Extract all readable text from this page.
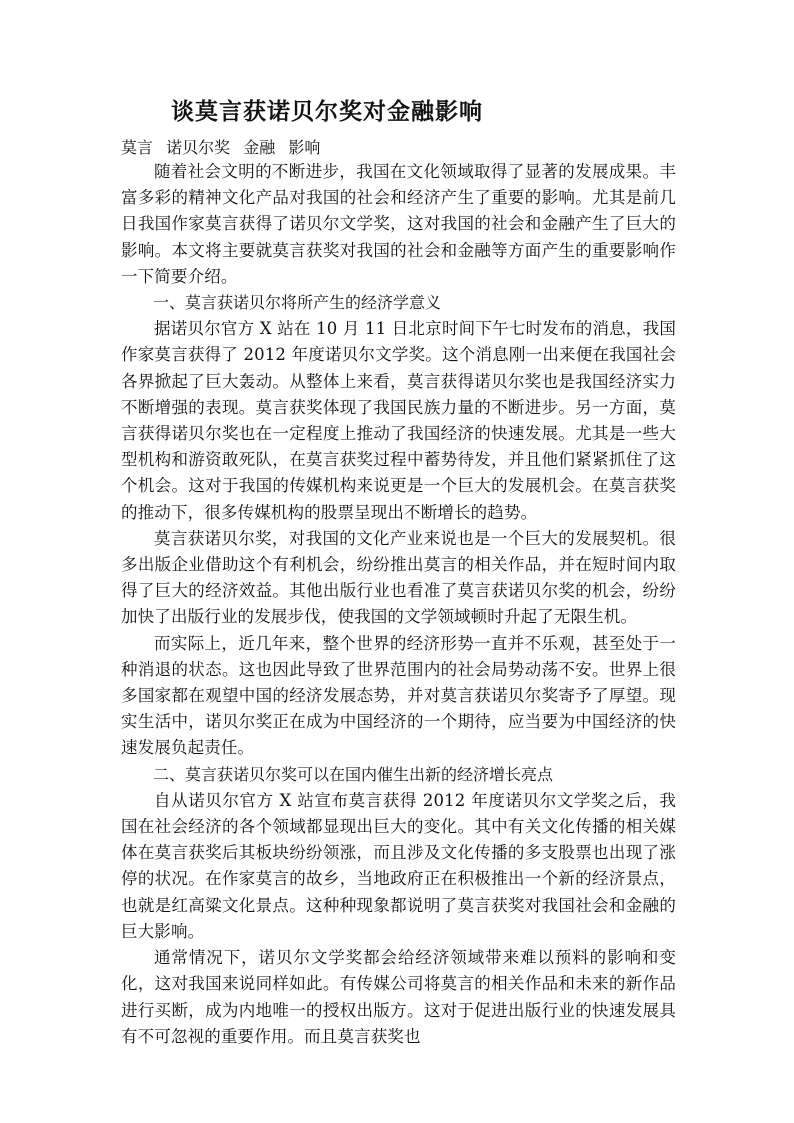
谈莫言获诺贝尔奖对金融影响
莫言 诺贝尔奖 金融 影响

随着社会文明的不断进步，我国在文化领域取得了显著的发展成果。丰富多彩的精神文化产品对我国的社会和经济产生了重要的影响。尤其是前几日我国作家莫言获得了诺贝尔文学奖，这对我国的社会和金融产生了巨大的影响。本文将主要就莫言获奖对我国的社会和金融等方面产生的重要影响作一下简要介绍。

一、莫言获诺贝尔将所产生的经济学意义

据诺贝尔官方 X 站在 10 月 11 日北京时间下午七时发布的消息，我国作家莫言获得了 2012 年度诺贝尔文学奖。这个消息刚一出来便在我国社会各界掀起了巨大轰动。从整体上来看，莫言获得诺贝尔奖也是我国经济实力不断增强的表现。莫言获奖体现了我国民族力量的不断进步。另一方面，莫言获得诺贝尔奖也在一定程度上推动了我国经济的快速发展。尤其是一些大型机构和游资敢死队，在莫言获奖过程中蓄势待发，并且他们紧紧抓住了这个机会。这对于我国的传媒机构来说更是一个巨大的发展机会。在莫言获奖的推动下，很多传媒机构的股票呈现出不断增长的趋势。

莫言获诺贝尔奖，对我国的文化产业来说也是一个巨大的发展契机。很多出版企业借助这个有利机会，纷纷推出莫言的相关作品，并在短时间内取得了巨大的经济效益。其他出版行业也看准了莫言获诺贝尔奖的机会，纷纷加快了出版行业的发展步伐，使我国的文学领域顿时升起了无限生机。

而实际上，近几年来，整个世界的经济形势一直并不乐观，甚至处于一种消退的状态。这也因此导致了世界范围内的社会局势动荡不安。世界上很多国家都在观望中国的经济发展态势，并对莫言获诺贝尔奖寄予了厚望。现实生活中，诺贝尔奖正在成为中国经济的一个期待，应当要为中国经济的快速发展负起责任。

二、莫言获诺贝尔奖可以在国内催生出新的经济增长亮点

自从诺贝尔官方 X 站宣布莫言获得 2012 年度诺贝尔文学奖之后，我国在社会经济的各个领域都显现出巨大的变化。其中有关文化传播的相关媒体在莫言获奖后其板块纷纷领涨，而且涉及文化传播的多支股票也出现了涨停的状况。在作家莫言的故乡，当地政府正在积极推出一个新的经济景点，也就是红高粱文化景点。这种种现象都说明了莫言获奖对我国社会和金融的巨大影响。

通常情况下，诺贝尔文学奖都会给经济领域带来难以预料的影响和变化，这对我国来说同样如此。有传媒公司将莫言的相关作品和未来的新作品进行买断，成为内地唯一的授权出版方。这对于促进出版行业的快速发展具有不可忽视的重要作用。而且莫言获奖也
